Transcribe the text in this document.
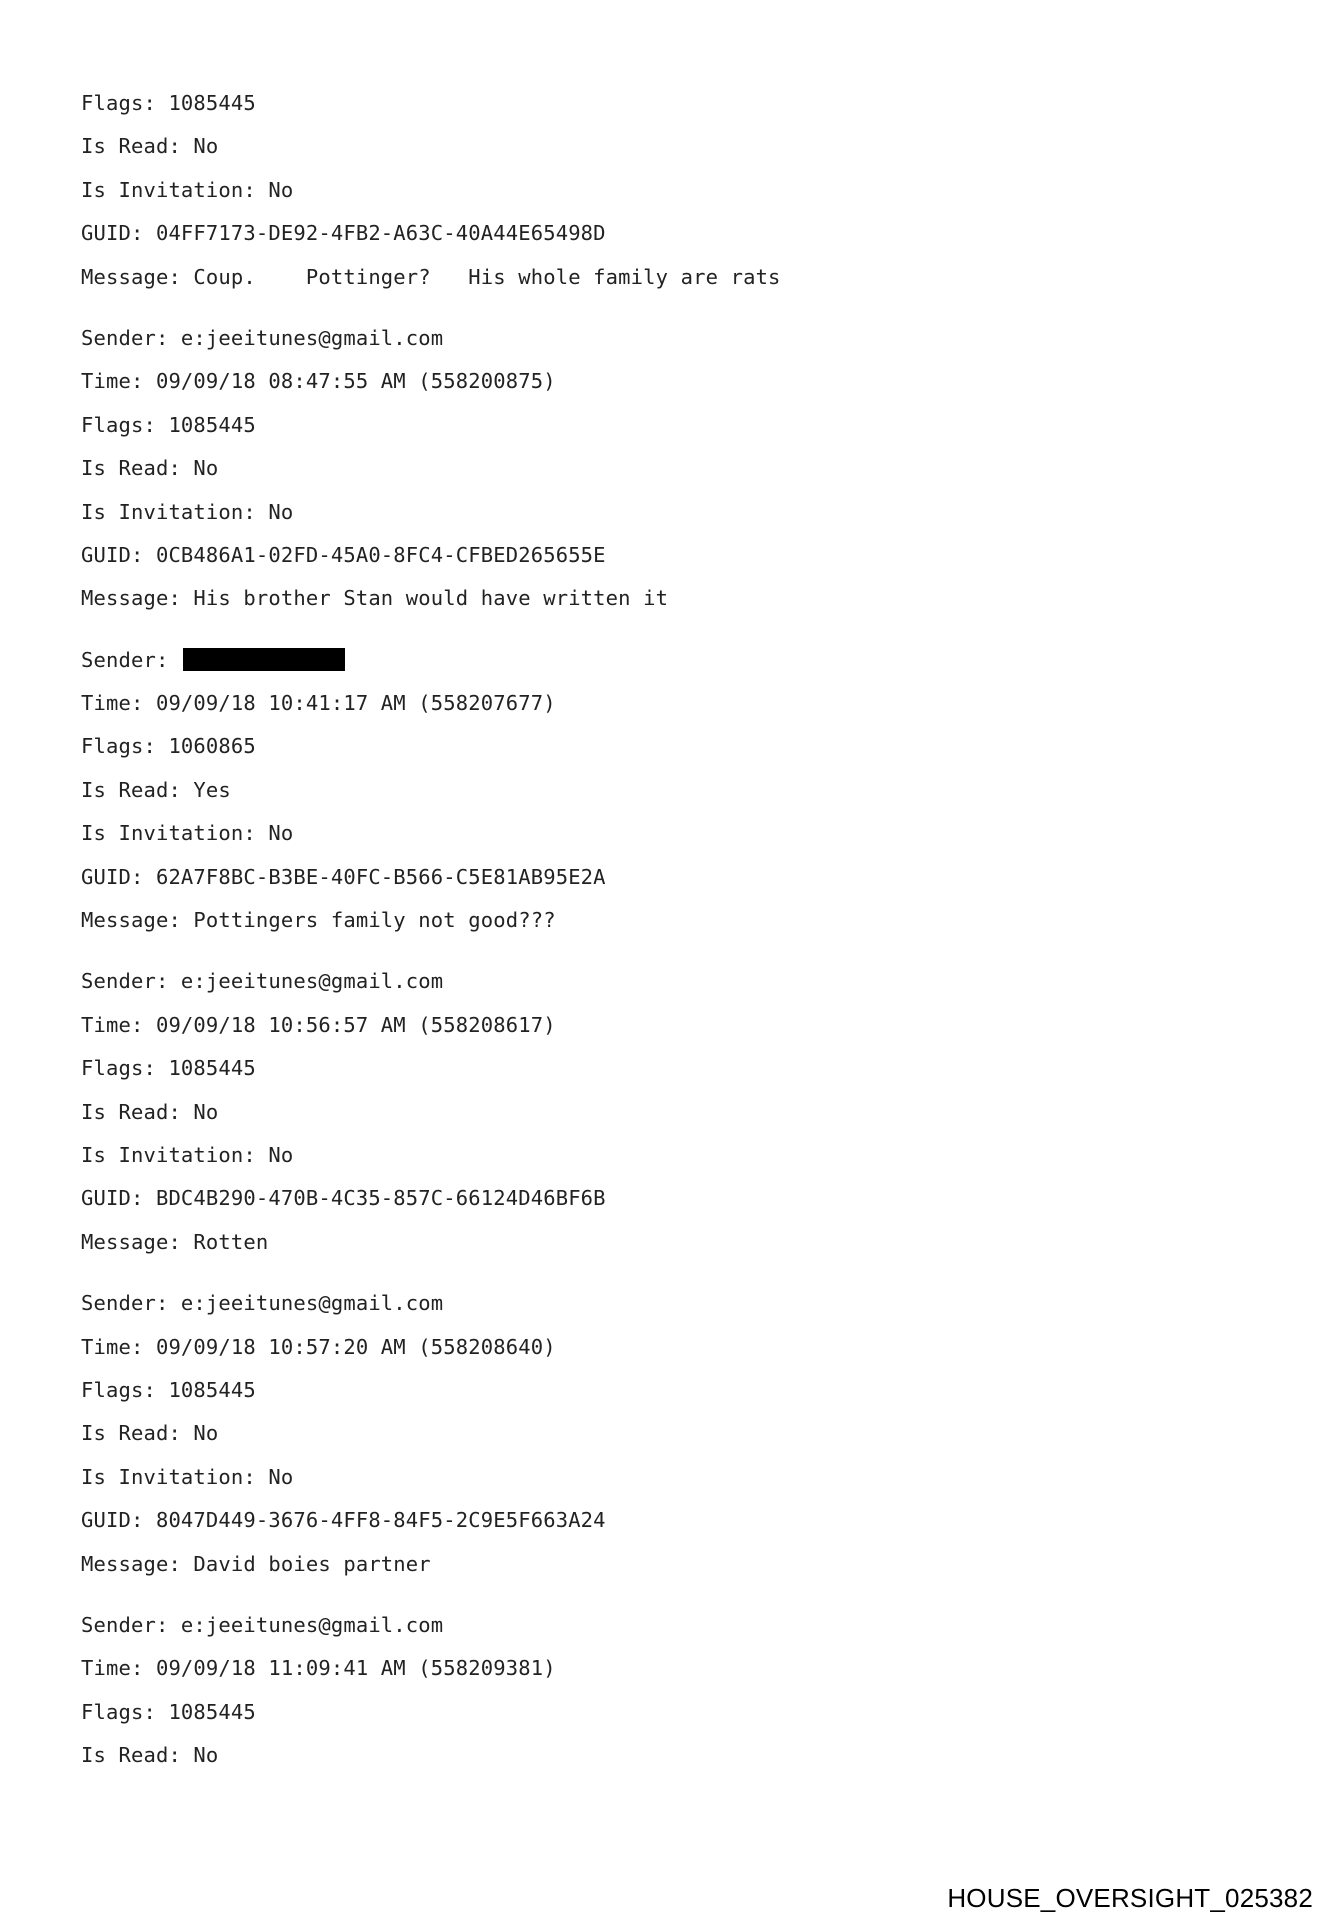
Flags: 1085445
Is Read: No
Is Invitation: No
GUID: 04FF7173-DE92-4FB2-A63C-40A44E65498D
Message: Coup.    Pottinger?   His whole family are rats
Sender: e:jeeitunes@gmail.com
Time: 09/09/18 08:47:55 AM (558200875)
Flags: 1085445
Is Read: No
Is Invitation: No
GUID: 0CB486A1-02FD-45A0-8FC4-CFBED265655E
Message: His brother Stan would have written it
Sender:
Time: 09/09/18 10:41:17 AM (558207677)
Flags: 1060865
Is Read: Yes
Is Invitation: No
GUID: 62A7F8BC-B3BE-40FC-B566-C5E81AB95E2A
Message: Pottingers family not good???
Sender: e:jeeitunes@gmail.com
Time: 09/09/18 10:56:57 AM (558208617)
Flags: 1085445
Is Read: No
Is Invitation: No
GUID: BDC4B290-470B-4C35-857C-66124D46BF6B
Message: Rotten
Sender: e:jeeitunes@gmail.com
Time: 09/09/18 10:57:20 AM (558208640)
Flags: 1085445
Is Read: No
Is Invitation: No
GUID: 8047D449-3676-4FF8-84F5-2C9E5F663A24
Message: David boies partner
Sender: e:jeeitunes@gmail.com
Time: 09/09/18 11:09:41 AM (558209381)
Flags: 1085445
Is Read: No
HOUSE_OVERSIGHT_025382
